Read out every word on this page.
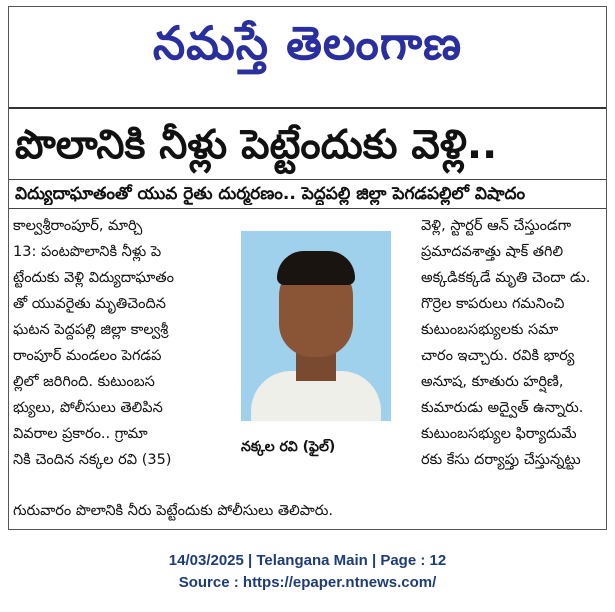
నమస్తే తెలంగాణ
పొలానికి నీళ్లు పెట్టేందుకు వెళ్లి..
విద్యుదాఘాతంతో యువ రైతు దుర్మరణం.. పెద్దపల్లి జిల్లా పెగడపల్లిలో విషాదం
కాల్వశ్రీరాంపూర్, మార్చి
13: పంటపొలానికి నీళ్లు పె
ట్టేందుకు వెళ్లి విద్యుదాఘాతం
తో యువరైతు మృతిచెందిన
ఘటన పెద్దపల్లి జిల్లా కాల్వశ్రీ
రాంపూర్ మండలం పెగడప
ల్లిలో జరిగింది. కుటుంబస
భ్యులు, పోలీసులు తెలిపిన
వివరాల ప్రకారం.. గ్రామా
నికి చెందిన నక్కల రవి (35)
నక్కల రవి (ఫైల్)
వెళ్లి, స్టార్టర్ ఆన్ చేస్తుండగా
ప్రమాదవశాత్తు షాక్ తగిలి
అక్కడికక్కడే మృతి చెందా డు.
గొర్రెల కాపరులు గమనించి
కుటుంబసభ్యులకు సమా
చారం ఇచ్చారు. రవికి భార్య
అనూష, కూతురు హర్షిణి,
కుమారుడు అద్వైత్ ఉన్నారు.
కుటుంబసభ్యుల ఫిర్యాదుమే
రకు కేసు దర్యాప్తు చేస్తున్నట్టు
గురువారం పొలానికి నీరు పెట్టేందుకు పోలీసులు తెలిపారు.
14/03/2025 | Telangana Main | Page : 12
Source : https://epaper.ntnews.com/
